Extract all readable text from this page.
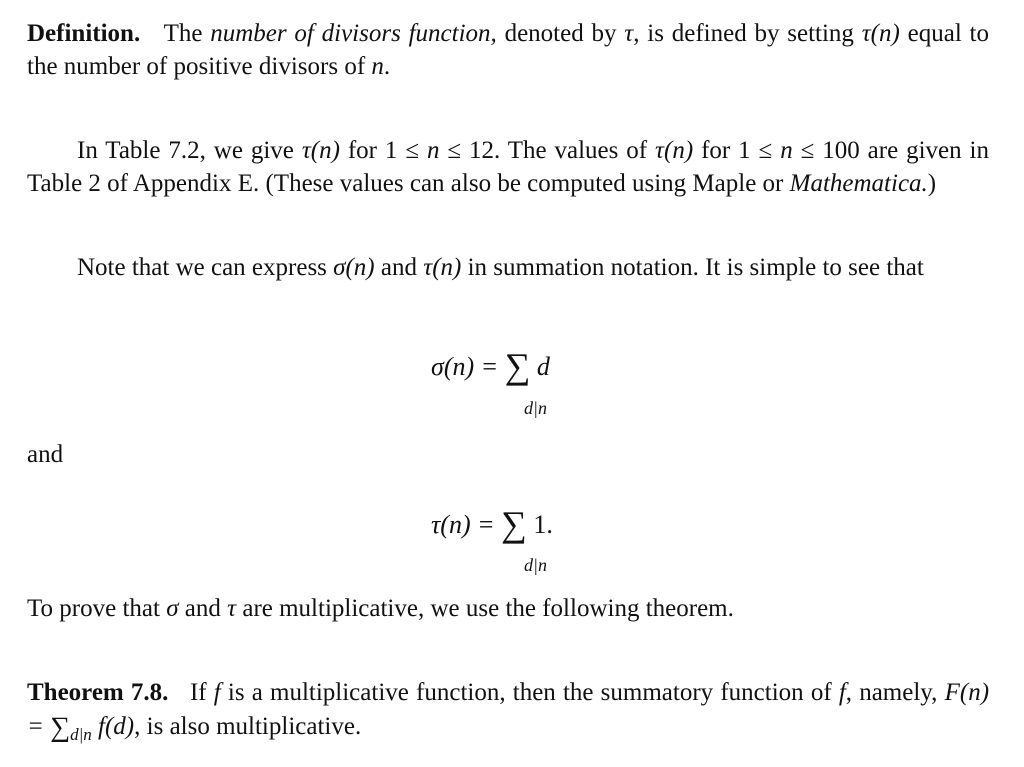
Definition. The number of divisors function, denoted by τ, is defined by setting τ(n) equal to the number of positive divisors of n.

In Table 7.2, we give τ(n) for 1 ≤ n ≤ 12. The values of τ(n) for 1 ≤ n ≤ 100 are given in Table 2 of Appendix E. (These values can also be computed using Maple or Mathematica.)

Note that we can express σ(n) and τ(n) in summation notation. It is simple to see that

σ(n) = ∑ d
d|n

and

τ(n) = ∑ 1.
d|n

To prove that σ and τ are multiplicative, we use the following theorem.

Theorem 7.8. If f is a multiplicative function, then the summatory function of f, namely, $F(n) = \sum_{d|n}$ f(d), is also multiplicative.
